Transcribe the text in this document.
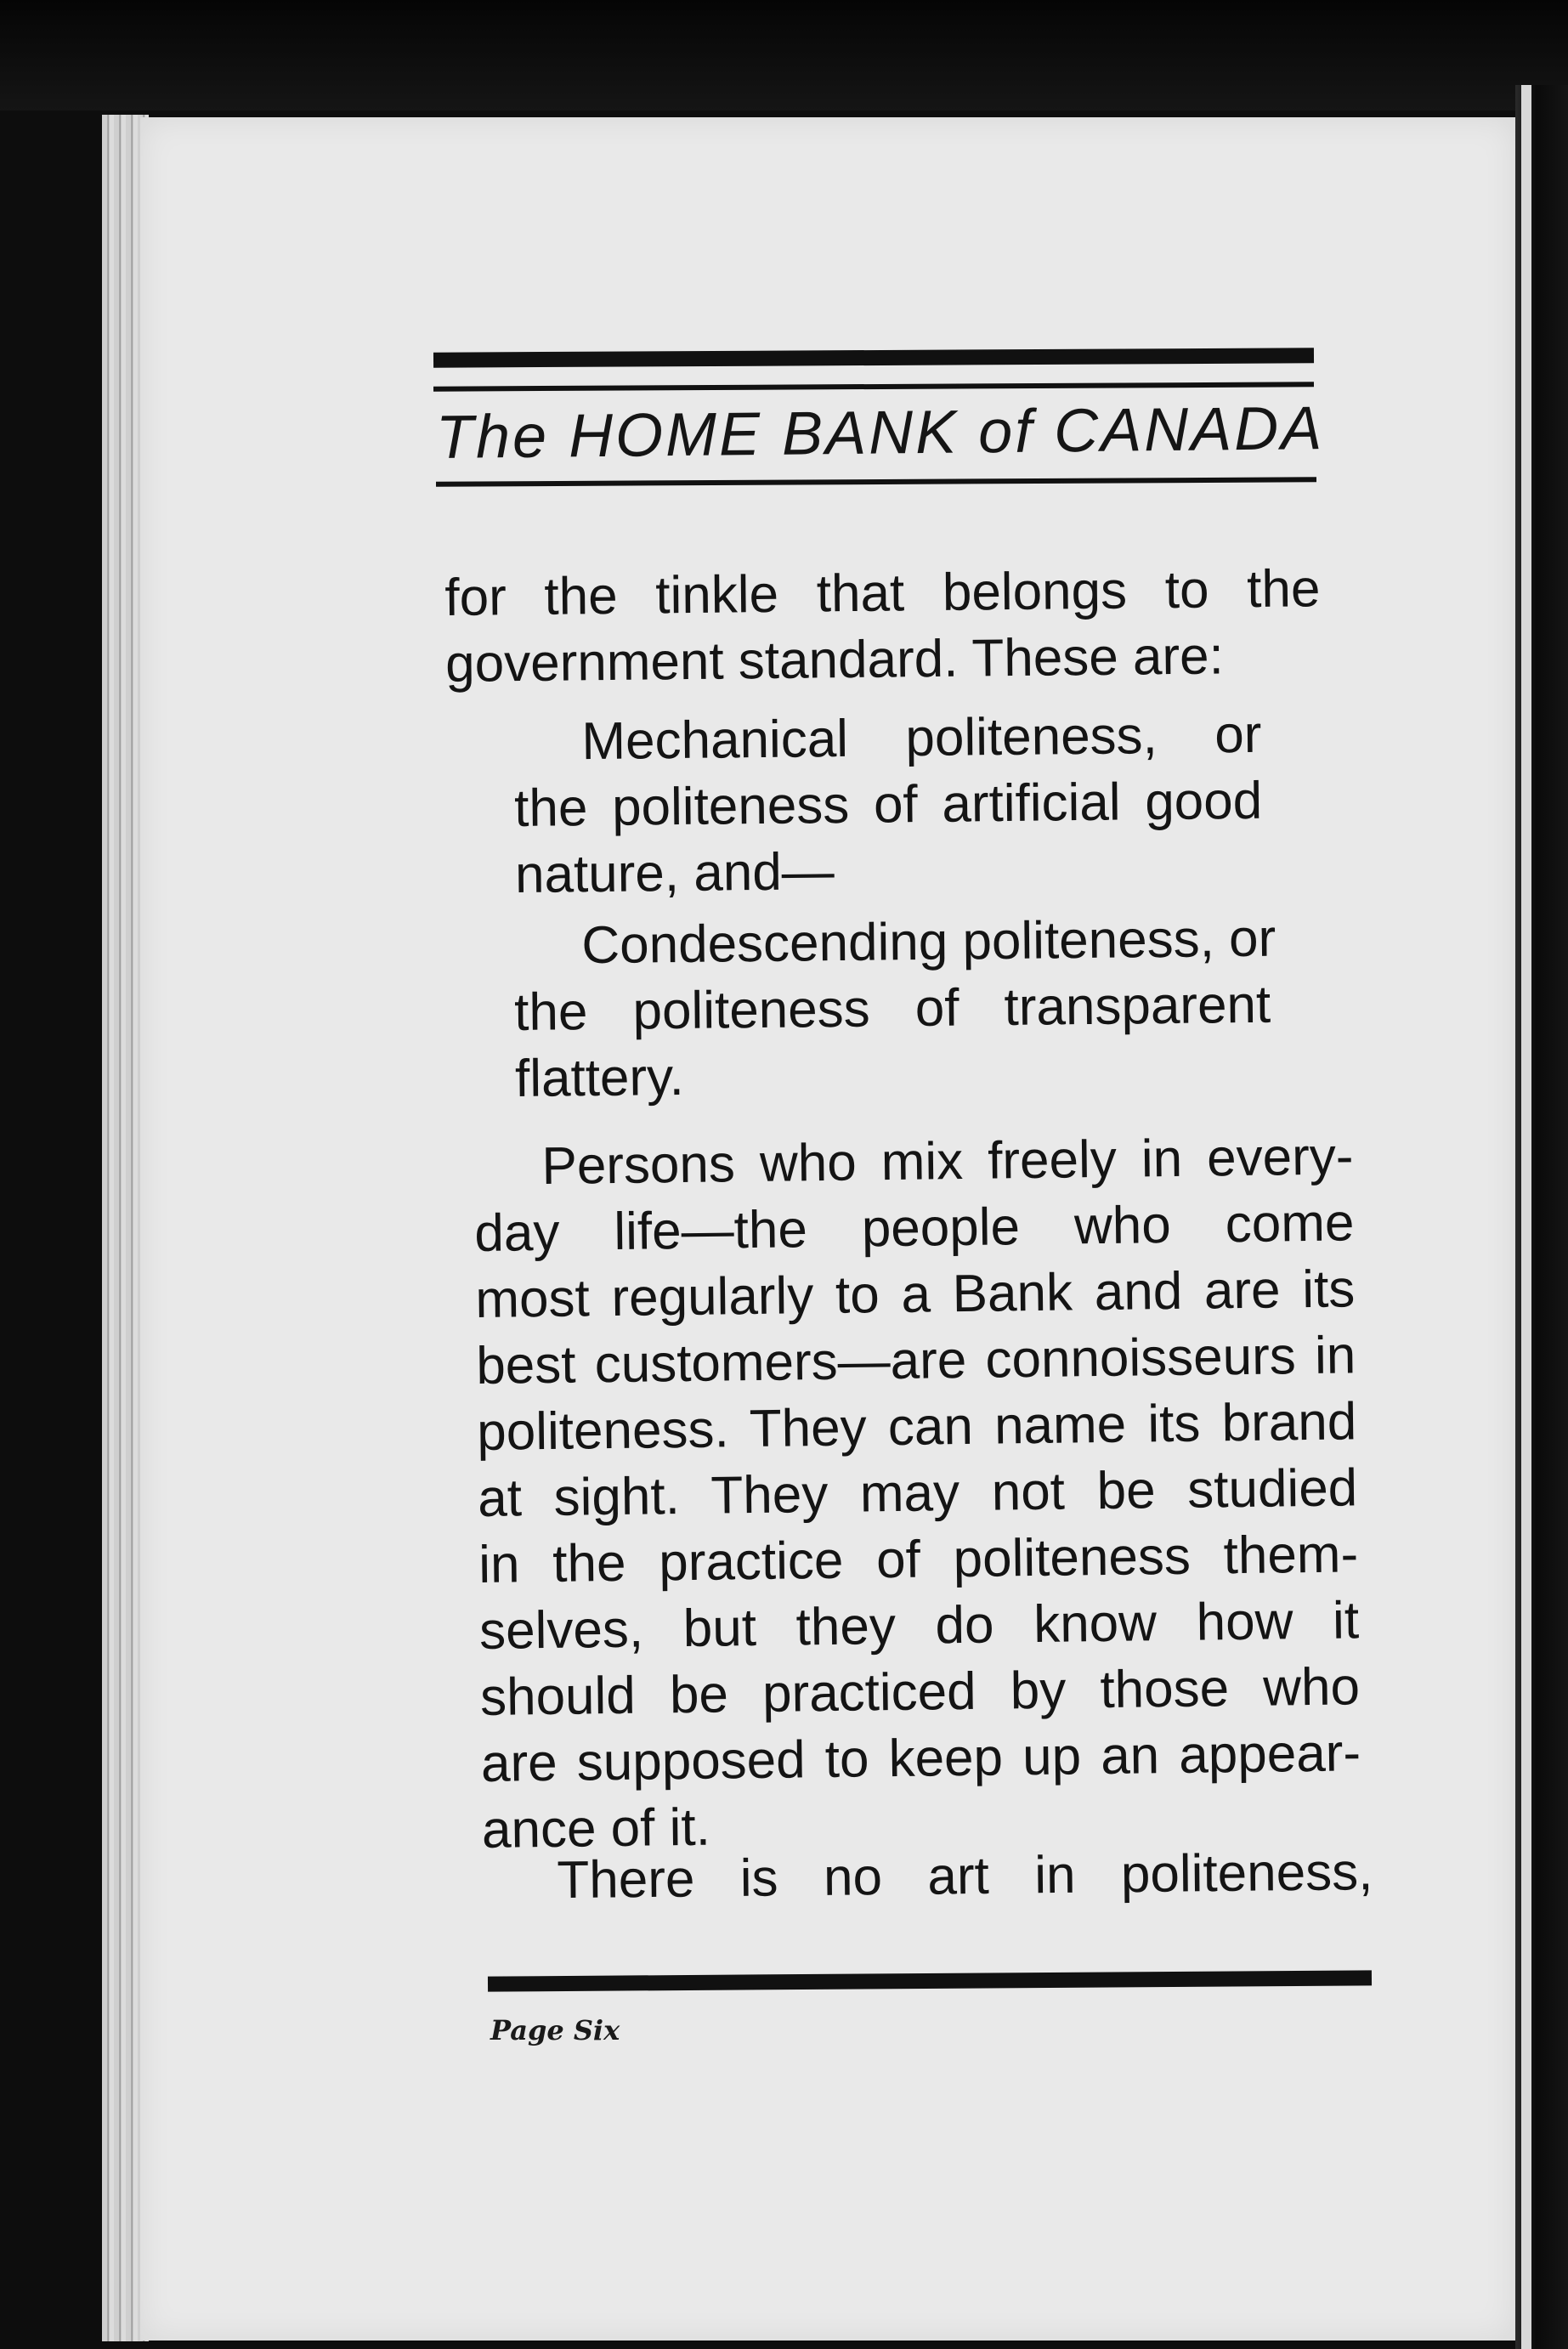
The HOME BANK of CANADA
for the tinkle that belongs to the
government standard. These are:
Mechanical politeness, or
the politeness of artificial good
nature, and—
Condescending politeness, or
the politeness of transparent
flattery.
Persons who mix freely in every-
day life—the people who come
most regularly to a Bank and are its
best customers—are connoisseurs in
politeness. They can name its brand
at sight. They may not be studied
in the practice of politeness them-
selves, but they do know how it
should be practiced by those who
are supposed to keep up an appear-
ance of it.
There is no art in politeness,
Page Six
